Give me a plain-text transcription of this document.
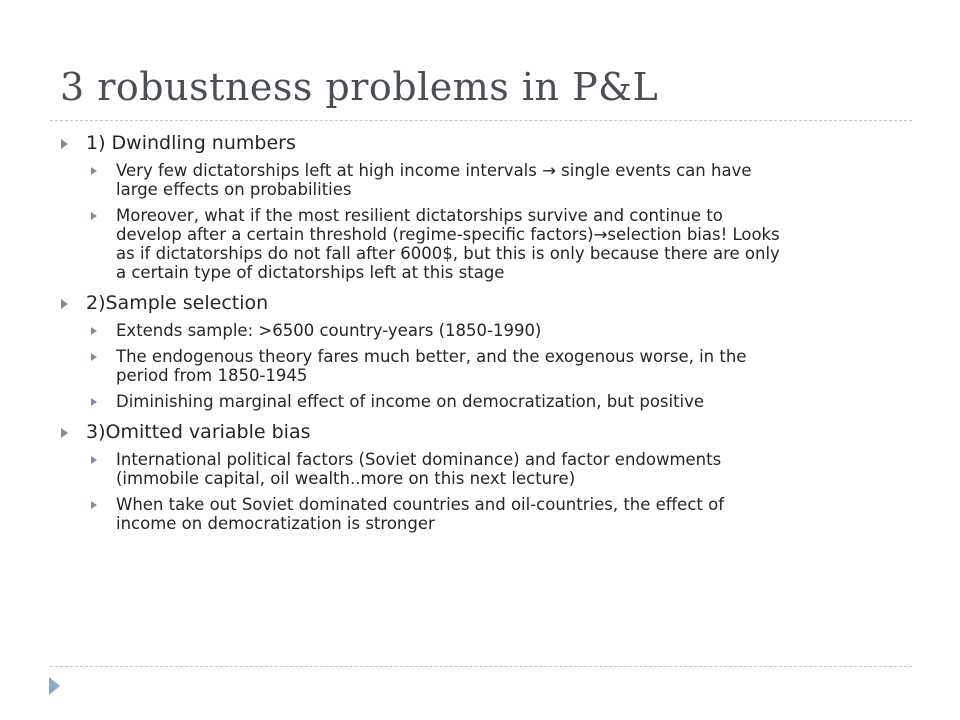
3 robustness problems in P&L
1) Dwindling numbers
Very few dictatorships left at high income intervals → single events can have
large effects on probabilities
Moreover, what if the most resilient dictatorships survive and continue to
develop after a certain threshold (regime-specific factors)→selection bias! Looks
as if dictatorships do not fall after 6000$, but this is only because there are only
a certain type of dictatorships left at this stage
2)Sample selection
Extends sample: >6500 country-years (1850-1990)
The endogenous theory fares much better, and the exogenous worse, in the
period from 1850-1945
Diminishing marginal effect of income on democratization, but positive
3)Omitted variable bias
International political factors (Soviet dominance) and factor endowments
(immobile capital, oil wealth..more on this next lecture)
When take out Soviet dominated countries and oil-countries, the effect of
income on democratization is stronger
